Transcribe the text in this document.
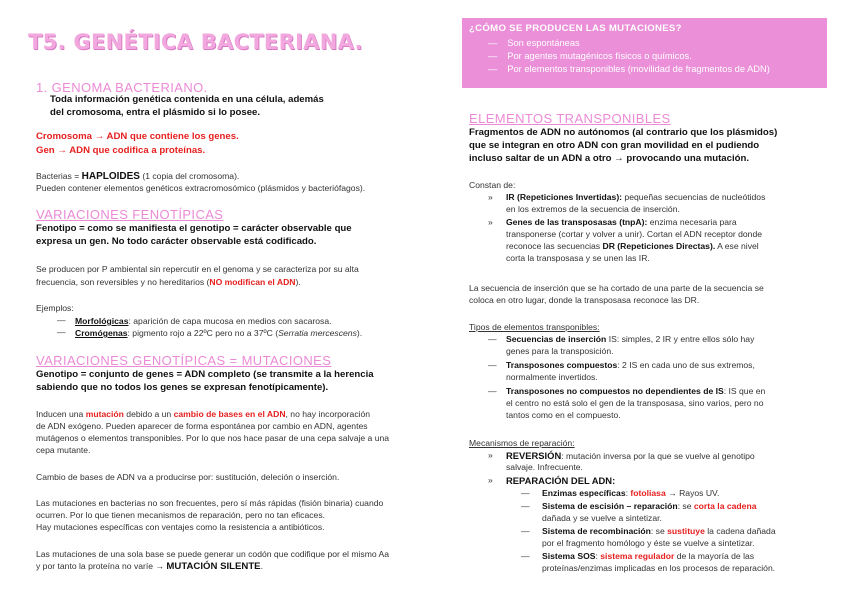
T5. GENÉTICA BACTERIANA.
1. GENOMA BACTERIANO.
Toda información genética contenida en una célula, además
del cromosoma, entra el plásmido si lo posee.
Cromosoma → ADN que contiene los genes.
Gen → ADN que codifica a proteínas.
Bacterias = HAPLOIDES (1 copia del cromosoma).
Pueden contener elementos genéticos extracromosómico (plásmidos y bacteriófagos).
VARIACIONES FENOTÍPICAS
Fenotipo = como se manifiesta el genotipo = carácter observable que
expresa un gen. No todo carácter observable está codificado.
Se producen por P ambiental sin repercutir en el genoma y se caracteriza por su alta
frecuencia, son reversibles y no hereditarios (NO modifican el ADN).
Ejemplos:
— Morfológicas: aparición de capa mucosa en medios con sacarosa.
— Cromógenas: pigmento rojo a 22ºC pero no a 37ºC (Serratia mercescens).
VARIACIONES GENOTÍPICAS = MUTACIONES
Genotipo = conjunto de genes = ADN completo (se transmite a la herencia
sabiendo que no todos los genes se expresan fenotípicamente).
Inducen una mutación debido a un cambio de bases en el ADN, no hay incorporación
de ADN exógeno. Pueden aparecer de forma espontánea por cambio en ADN, agentes
mutágenos o elementos transponibles. Por lo que nos hace pasar de una cepa salvaje a una
cepa mutante.
Cambio de bases de ADN va a producirse por: sustitución, deleción o inserción.
Las mutaciones en bacterias no son frecuentes, pero sí más rápidas (fisión binaria) cuando
ocurren. Por lo que tienen mecanismos de reparación, pero no tan eficaces.
Hay mutaciones específicas con ventajes como la resistencia a antibióticos.
Las mutaciones de una sola base se puede generar un codón que codifique por el mismo Aa
y por tanto la proteína no varíe → MUTACIÓN SILENTE.
¿CÓMO SE PRODUCEN LAS MUTACIONES?
— Son espontáneas
— Por agentes mutagénicos físicos o químicos.
— Por elementos transponibles (movilidad de fragmentos de ADN)
ELEMENTOS TRANSPONIBLES
Fragmentos de ADN no autónomos (al contrario que los plásmidos)
que se integran en otro ADN con gran movilidad en el pudiendo
incluso saltar de un ADN a otro → provocando una mutación.
Constan de:
» IR (Repeticiones Invertidas): pequeñas secuencias de nucleótidos
en los extremos de la secuencia de inserción.
» Genes de las transposasas (tnpA): enzima necesaria para
transponerse (cortar y volver a unir). Cortan el ADN receptor donde
reconoce las secuencias DR (Repeticiones Directas). A ese nivel
corta la transposasa y se unen las IR.
La secuencia de inserción que se ha cortado de una parte de la secuencia se
coloca en otro lugar, donde la transposasa reconoce las DR.
Tipos de elementos transponibles:
— Secuencias de inserción IS: simples, 2 IR y entre ellos sólo hay
genes para la transposición.
— Transposones compuestos: 2 IS en cada uno de sus extremos,
normalmente invertidos.
— Transposones no compuestos no dependientes de IS: IS que en
el centro no está solo el gen de la transposasa, sino varios, pero no
tantos como en el compuesto.
Mecanismos de reparación:
» REVERSIÓN: mutación inversa por la que se vuelve al genotipo
salvaje. Infrecuente.
» REPARACIÓN DEL ADN:
— Enzimas específicas: fotoliasa → Rayos UV.
— Sistema de escisión – reparación: se corta la cadena
dañada y se vuelve a sintetizar.
— Sistema de recombinación: se sustituye la cadena dañada
por el fragmento homólogo y éste se vuelve a sintetizar.
— Sistema SOS: sistema regulador de la mayoría de las
proteínas/enzimas implicadas en los procesos de reparación.
